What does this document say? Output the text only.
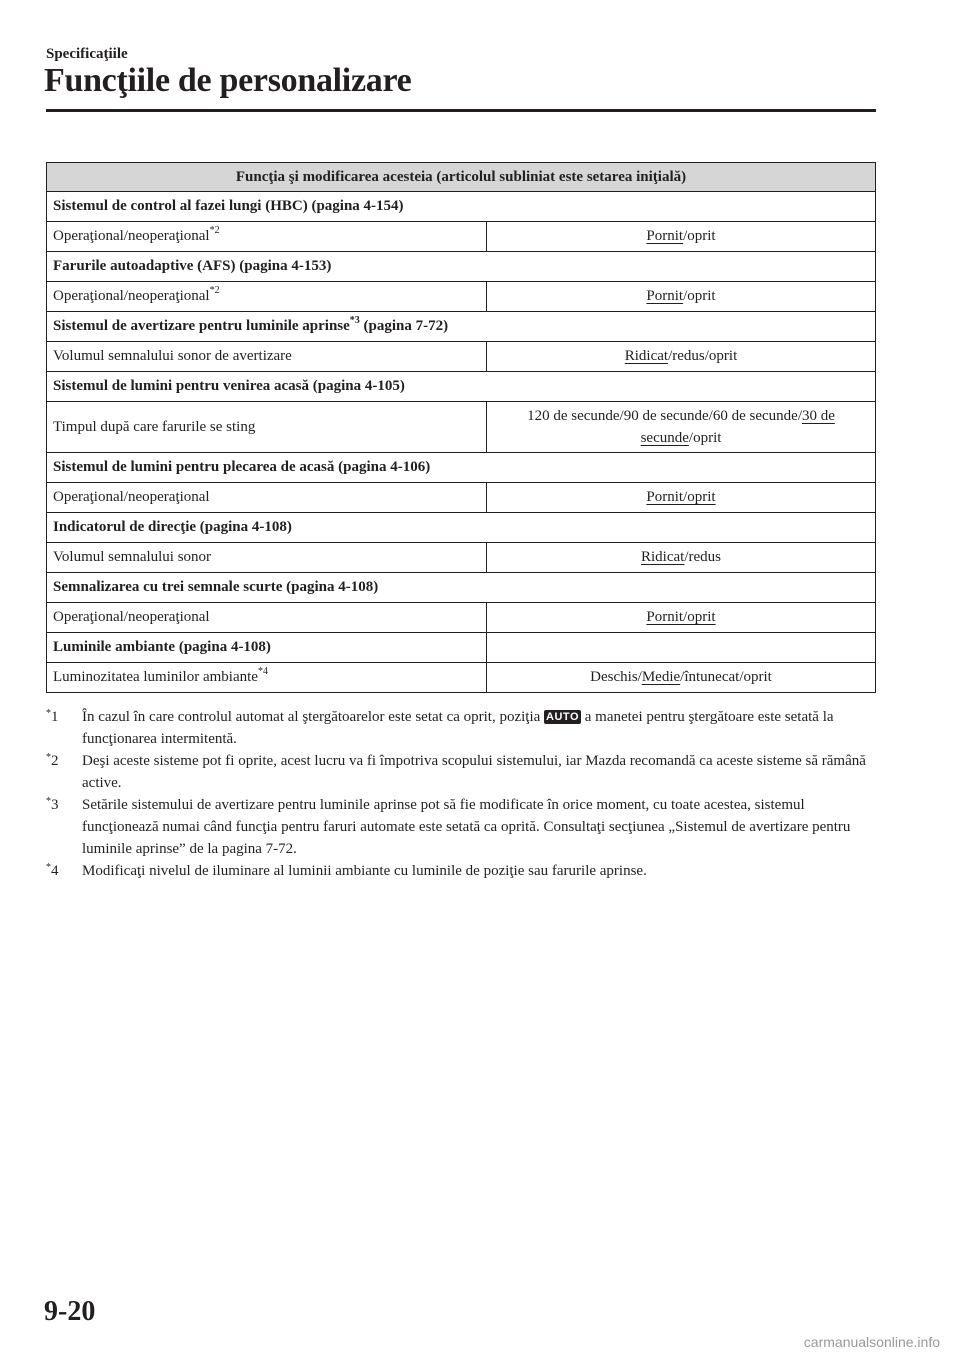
Specificaţiile
Funcţiile de personalizare
Funcţia şi modificarea acesteia (articolul subliniat este setarea iniţială)	
Sistemul de control al fazei lungi (HBC) (pagina 4-154)	
Operaţional/neoperaţional$^{*2}$	Pornit/oprit
Farurile autoadaptive (AFS) (pagina 4-153)	
Operaţional/neoperaţional$^{*2}$	Pornit/oprit
Sistemul de avertizare pentru luminile aprinse$^{*3}$ (pagina 7-72)	
Volumul semnalului sonor de avertizare	Ridicat/redus/oprit
Sistemul de lumini pentru venirea acasă (pagina 4-105)	
Timpul după care farurile se sting	120 de secunde/90 de secunde/60 de secunde/30 de secunde/oprit
Sistemul de lumini pentru plecarea de acasă (pagina 4-106)	
Operaţional/neoperaţional	Pornit/oprit
Indicatorul de direcţie (pagina 4-108)	
Volumul semnalului sonor	Ridicat/redus
Semnalizarea cu trei semnale scurte (pagina 4-108)	
Operaţional/neoperaţional	Pornit/oprit
Luminile ambiante (pagina 4-108)	
Luminozitatea luminilor ambiante$^{*4}$	Deschis/Medie/întunecat/oprit
*1 În cazul în care controlul automat al ştergătoarelor este setat ca oprit, poziţia AUTO a manetei pentru ştergătoare este setată la funcţionarea intermitentă.
*2 Deşi aceste sisteme pot fi oprite, acest lucru va fi împotriva scopului sistemului, iar Mazda recomandă ca aceste sisteme să rămână active.
*3 Setările sistemului de avertizare pentru luminile aprinse pot să fie modificate în orice moment, cu toate acestea, sistemul funcţionează numai când funcţia pentru faruri automate este setată ca oprită. Consultaţi secţiunea „Sistemul de avertizare pentru luminile aprinse” de la pagina 7-72.
*4 Modificaţi nivelul de iluminare al luminii ambiante cu luminile de poziţie sau farurile aprinse.
9-20
carmanualsonline.info
